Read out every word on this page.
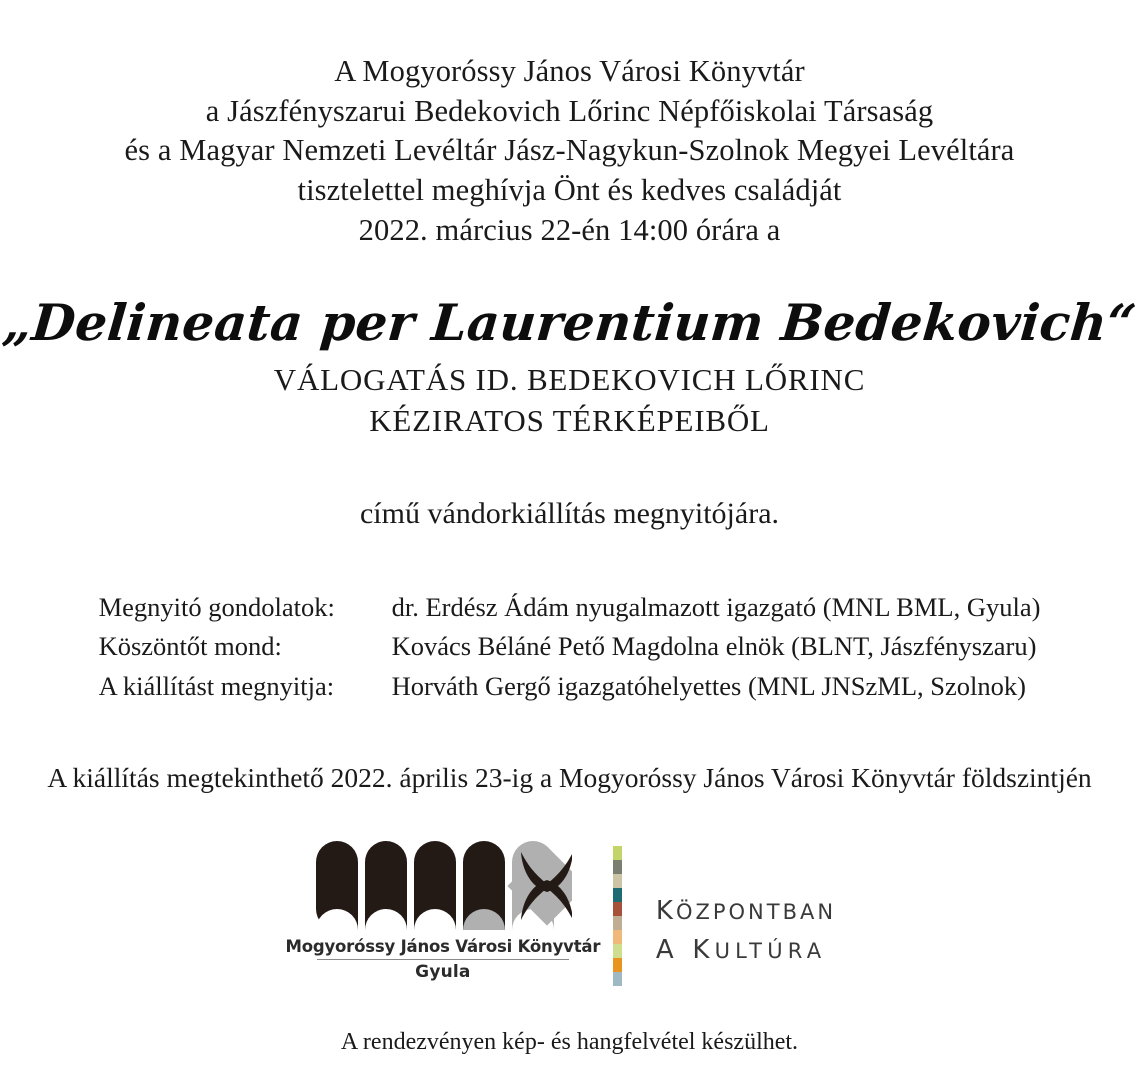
A Mogyoróssy János Városi Könyvtár
a Jászfényszarui Bedekovich Lőrinc Népfőiskolai Társaság
és a Magyar Nemzeti Levéltár Jász-Nagykun-Szolnok Megyei Levéltára
tisztelettel meghívja Önt és kedves családját
2022. március 22-én 14:00 órára a
„Delineata per Laurentium Bedekovich“
VÁLOGATÁS ID. BEDEKOVICH LŐRINC
KÉZIRATOS TÉRKÉPEIBŐL
című vándorkiállítás megnyitójára.
Megnyitó gondolatok:	dr. Erdész Ádám nyugalmazott igazgató (MNL BML, Gyula)
Köszöntőt mond:	Kovács Béláné Pető Magdolna elnök (BLNT, Jászfényszaru)
A kiállítást megnyitja:	Horváth Gergő igazgatóhelyettes (MNL JNSzML, Szolnok)
A kiállítás megtekinthető 2022. április 23-ig a Mogyoróssy János Városi Könyvtár földszintjén
Mogyoróssy János Városi Könyvtár
Gyula
KÖZPONTBAN
A KULTÚRA
A rendezvényen kép- és hangfelvétel készülhet.
